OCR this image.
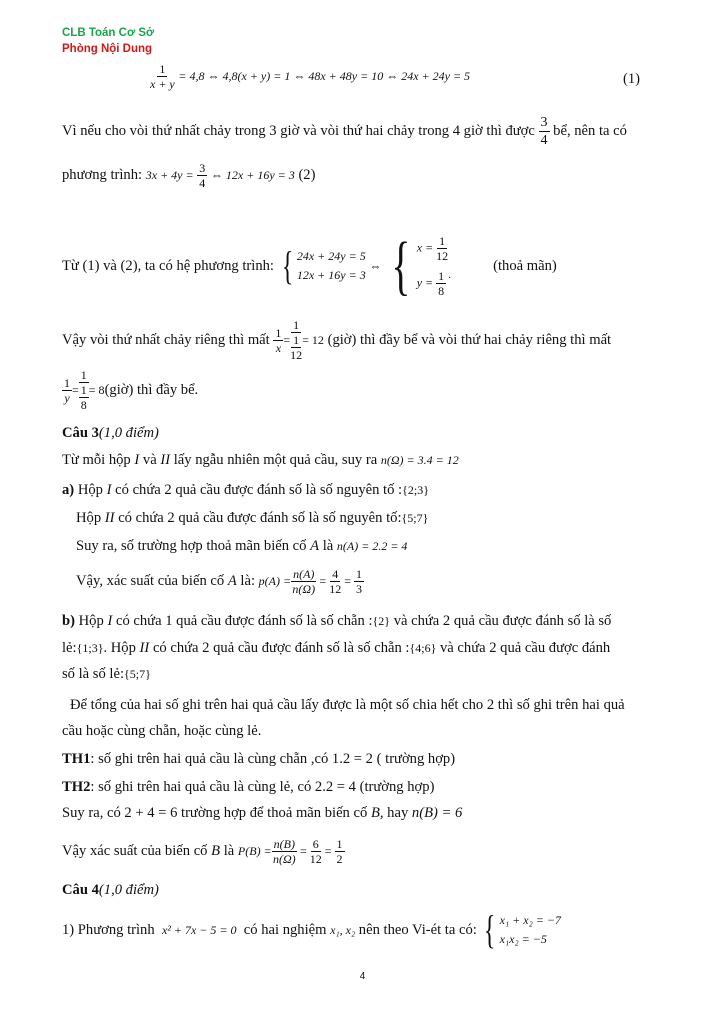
CLB Toán Cơ Sở
Phòng Nội Dung
$\frac{1}{x + y} = 4,8$ ⇔ 4,8(x + y) = 1 ⇔ 48x + 48y = 10 ⇔ 24x + 24y = 5	(1)
Vì nếu cho vòi thứ nhất chảy trong 3 giờ và vòi thứ hai chảy trong 4 giờ thì được $\frac{3}{4}$ bể, nên ta có
phương trình: $3x + 4y = \frac{3}{4}$ ⇔ 12x + 16y = 3 (2)
Từ (1) và (2), ta có hệ phương trình:
{ 24x + 24y = 5
12x + 16y = 3

⇔
{ $x = \frac{1}{12}$
$y = \frac{1}{8}$ .	(thoả mãn)
Vậy vòi thứ nhất chảy riêng thì mất
$\frac{1}{x} = \frac{1}{\frac{1}{12}} = 12$
(giờ) thì đầy bể và vòi thứ hai chảy riêng thì mất
$\frac{1}{y} = \frac{1}{\frac{1}{8}} = 8$ (giờ) thì đầy bể.
Câu 3(1,0 điểm)
Từ mỗi hộp I và II lấy ngẫu nhiên một quả cầu, suy ra n(Ω) = 3.4 = 12
a) Hộp I có chứa 2 quả cầu được đánh số là số nguyên tố :{2;3}
Hộp II có chứa 2 quả cầu được đánh số là số nguyên tố:{5;7}
Suy ra, số trường hợp thoả mãn biến cố A là n(A) = 2.2 = 4
Vậy, xác suất của biến cố
A
là:
$p(A) = \frac{n(A)}{n(\Omega)} = \frac{4}{12} = \frac{1}{3}$
b) Hộp I có chứa 1 quả cầu được đánh số là số chẵn :{2} và chứa 2 quả cầu được đánh số là số
lẻ:{1;3}. Hộp II có chứa 2 quả cầu được đánh số là số chẵn :{4;6} và chứa 2 quả cầu được đánh
số là số lẻ:{5;7}
Để tổng của hai số ghi trên hai quả cầu lấy được là một số chia hết cho 2 thì số ghi trên hai quả
cầu hoặc cùng chẵn, hoặc cùng lẻ.
TH1: số ghi trên hai quả cầu là cùng chẵn ,có 1.2 = 2 ( trường hợp)
TH2: số ghi trên hai quả cầu là cùng lẻ, có 2.2 = 4 (trường hợp)
Suy ra, có 2 + 4 = 6 trường hợp để thoả mãn biến cố B, hay n(B) = 6
Vậy xác suất của biến cố
B
là
$P(B) = \frac{n(B)}{n(\Omega)} = \frac{6}{12} = \frac{1}{2}$
Câu 4(1,0 điểm)
1) Phương trình
x² + 7x − 5 = 0
có hai nghiệm
x₁, x₂
nên theo Vi-ét ta có:
{ x₁ + x₂ = −7
x₁x₂ = −5
4
